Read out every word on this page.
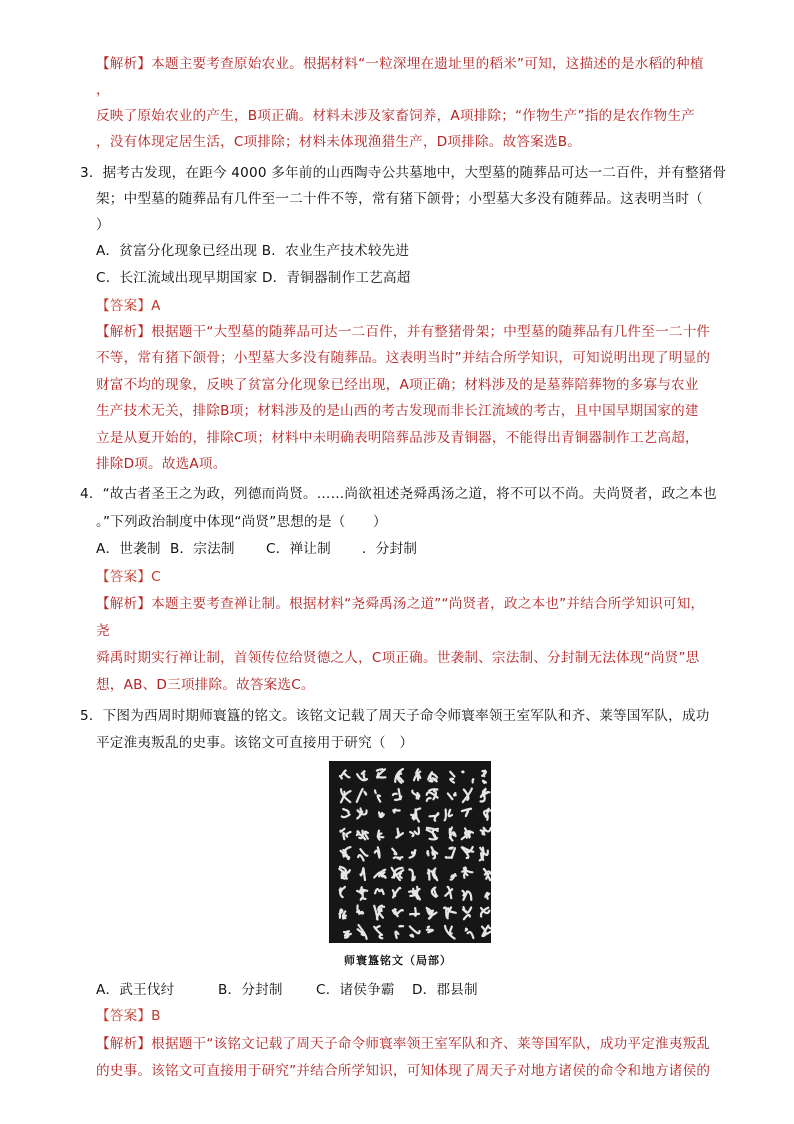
【解析】本题主要考查原始农业。根据材料“一粒深埋在遗址里的稻米”可知，这描述的是水稻的种植
，
反映了原始农业的产生，B项正确。材料未涉及家畜饲养，A项排除；“作物生产”指的是农作物生产
，没有体现定居生活，C项排除；材料未体现渔猎生产，D项排除。故答案选B。
3．据考古发现，在距今 4000 多年前的山西陶寺公共墓地中，大型墓的随葬品可达一二百件，并有整猪骨
架；中型墓的随葬品有几件至一二十件不等，常有猪下颌骨；小型墓大多没有随葬品。这表明当时（
）
A．贫富分化现象已经出现 B．农业生产技术较先进
C．长江流域出现早期国家 D．青铜器制作工艺高超
【答案】A
【解析】根据题干“大型墓的随葬品可达一二百件，并有整猪骨架；中型墓的随葬品有几件至一二十件
不等，常有猪下颌骨；小型墓大多没有随葬品。这表明当时”并结合所学知识，可知说明出现了明显的
财富不均的现象，反映了贫富分化现象已经出现，A项正确；材料涉及的是墓葬陪葬物的多寡与农业
生产技术无关，排除B项；材料涉及的是山西的考古发现而非长江流域的考古，且中国早期国家的建
立是从夏开始的，排除C项；材料中未明确表明陪葬品涉及青铜器，不能得出青铜器制作工艺高超，
排除D项。故选A项。
4．“故古者圣王之为政，列德而尚贤。……尚欲祖述尧舜禹汤之道，将不可以不尚。夫尚贤者，政之本也
。”下列政治制度中体现“尚贤”思想的是（　　）
A．世袭制 B．宗法制 C．禅让制 ．分封制
【答案】C
【解析】本题主要考查禅让制。根据材料“尧舜禹汤之道”“尚贤者，政之本也”并结合所学知识可知，
尧
舜禹时期实行禅让制，首领传位给贤德之人，C项正确。世袭制、宗法制、分封制无法体现“尚贤”思
想，AB、D三项排除。故答案选C。
5．下图为西周时期师寰簋的铭文。该铭文记载了周天子命令师寰率领王室军队和齐、莱等国军队，成功
平定淮夷叛乱的史事。该铭文可直接用于研究（　）
师寰簋铭文（局部）
A．武王伐纣	B．分封制 C．诸侯争霸 D．郡县制
【答案】B
【解析】根据题干“该铭文记载了周天子命令师寰率领王室军队和齐、莱等国军队，成功平定淮夷叛乱
的史事。该铭文可直接用于研究”并结合所学知识，可知体现了周天子对地方诸侯的命令和地方诸侯的
